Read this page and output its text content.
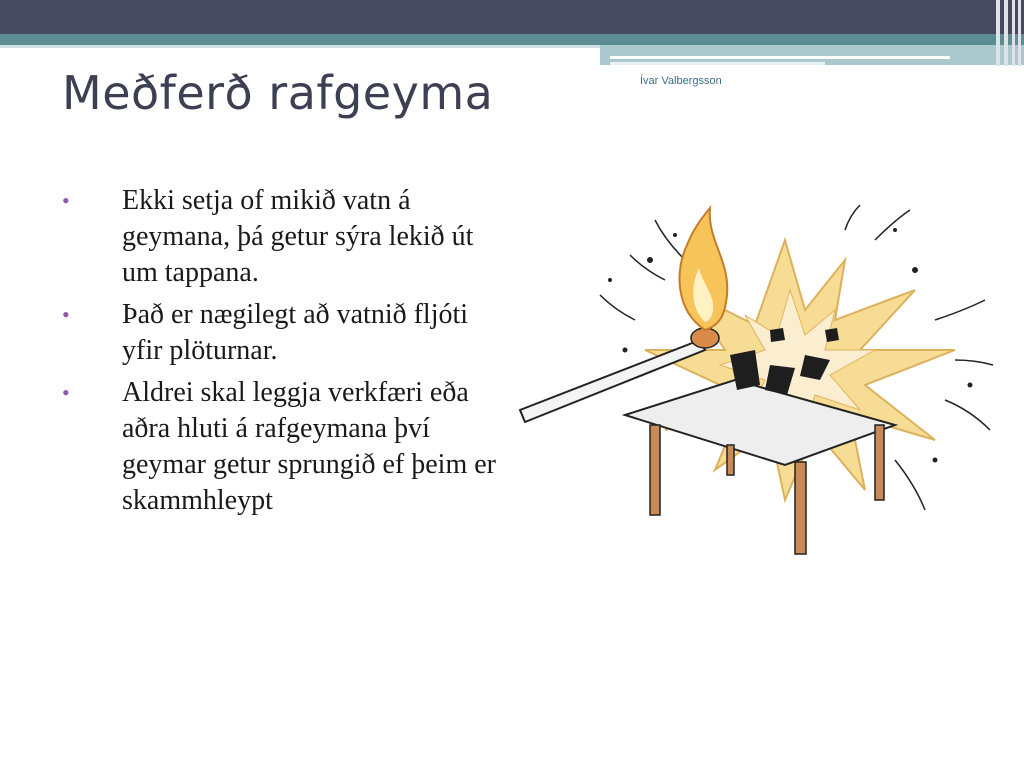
Meðferð rafgeyma	Ívar Valbergsson
• Ekki setja of mikið vatn á geymana, þá getur sýra lekið út um tappana.
• Það er nægilegt að vatnið fljóti yfir plöturnar.
• Aldrei skal leggja verkfæri eða aðra hluti á rafgeymana því geymar getur sprungið ef þeim er skammhleypt
